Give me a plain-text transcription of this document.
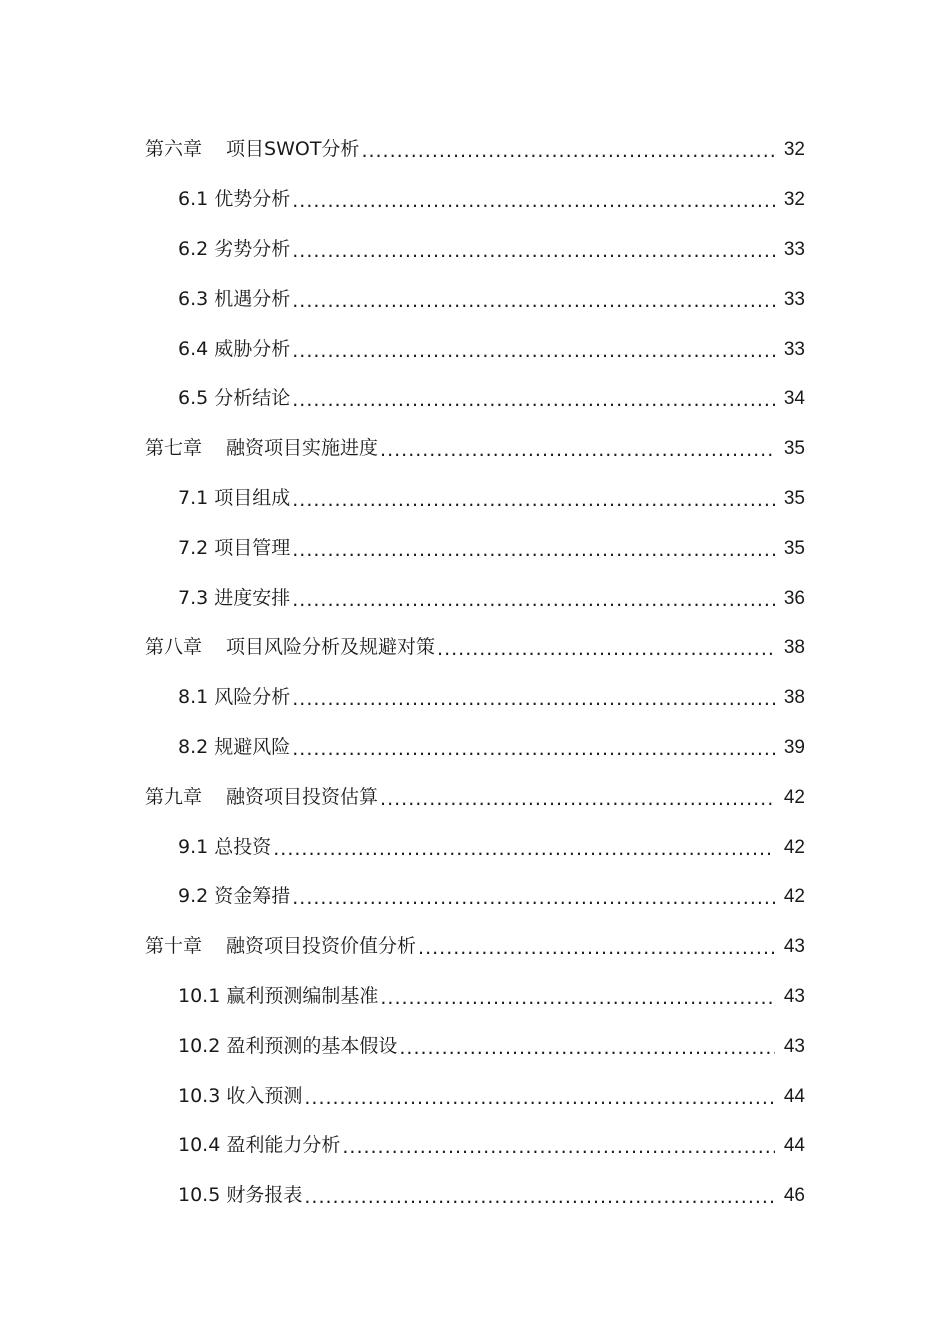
第六章 项目SWOT分析 .....	32
6.1 优势分析 .....	32
6.2 劣势分析 .....	33
6.3 机遇分析 .....	33
6.4 威胁分析 .....	33
6.5 分析结论 .....	34
第七章 融资项目实施进度 .....	35
7.1 项目组成 .....	35
7.2 项目管理 .....	35
7.3 进度安排 .....	36
第八章 项目风险分析及规避对策 .....	38
8.1 风险分析 .....	38
8.2 规避风险 .....	39
第九章 融资项目投资估算 .....	42
9.1 总投资 .....	42
9.2 资金筹措 .....	42
第十章 融资项目投资价值分析 .....	43
10.1 赢利预测编制基准 .....	43
10.2 盈利预测的基本假设 .....	43
10.3 收入预测 .....	44
10.4 盈利能力分析 .....	44
10.5 财务报表 .....	46
